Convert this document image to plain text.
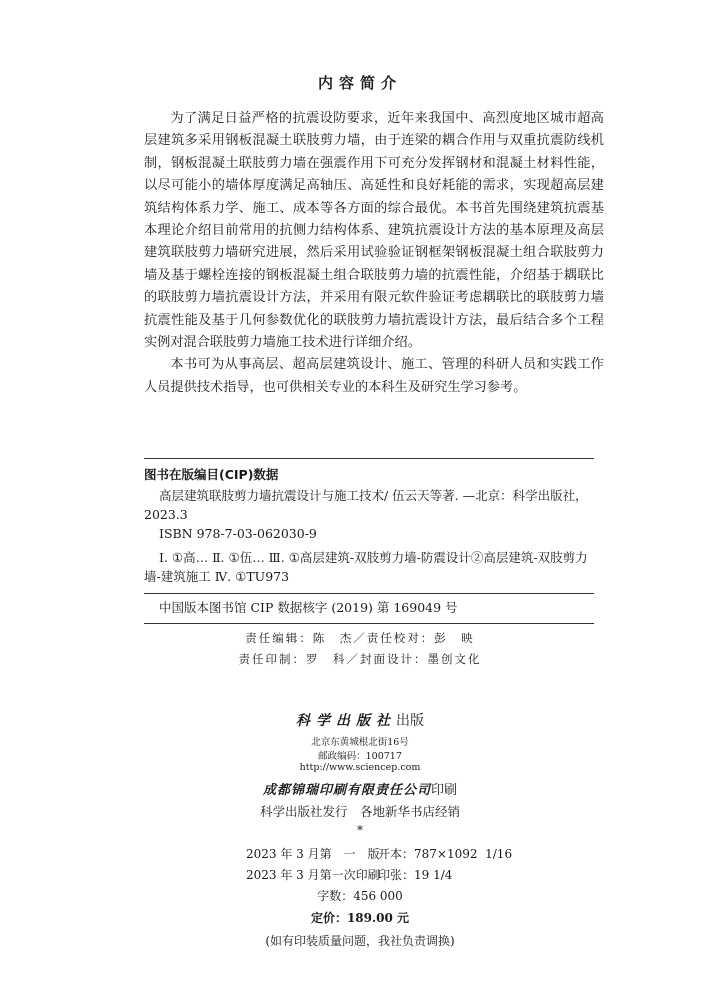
内容简介

为了满足日益严格的抗震设防要求，近年来我国中、高烈度地区城市超高层建筑多采用钢板混凝土联肢剪力墙，由于连梁的耦合作用与双重抗震防线机制，钢板混凝土联肢剪力墙在强震作用下可充分发挥钢材和混凝土材料性能，以尽可能小的墙体厚度满足高轴压、高延性和良好耗能的需求，实现超高层建筑结构体系力学、施工、成本等各方面的综合最优。本书首先围绕建筑抗震基本理论介绍目前常用的抗侧力结构体系、建筑抗震设计方法的基本原理及高层建筑联肢剪力墙研究进展，然后采用试验验证钢框架钢板混凝土组合联肢剪力墙及基于螺栓连接的钢板混凝土组合联肢剪力墙的抗震性能，介绍基于耦联比的联肢剪力墙抗震设计方法，并采用有限元软件验证考虑耦联比的联肢剪力墙抗震性能及基于几何参数优化的联肢剪力墙抗震设计方法，最后结合多个工程实例对混合联肢剪力墙施工技术进行详细介绍。

本书可为从事高层、超高层建筑设计、施工、管理的科研人员和实践工作人员提供技术指导，也可供相关专业的本科生及研究生学习参考。

图书在版编目(CIP)数据

高层建筑联肢剪力墙抗震设计与施工技术/ 伍云天等著. —北京：科学出版社，2023.3

ISBN 978-7-03-062030-9

Ⅰ. ①高… Ⅱ. ①伍… Ⅲ. ①高层建筑-双肢剪力墙-防震设计②高层建筑-双肢剪力墙-建筑施工 Ⅳ. ①TU973

中国版本图书馆 CIP 数据核字 (2019) 第 169049 号
责任编辑：陈　杰／责任校对：彭　映
责任印制：罗　科／封面设计：墨创文化
科学出版社出版
北京东黄城根北街16号
邮政编码：100717
http://www.sciencep.com
成都锦瑞印刷有限责任公司印刷
科学出版社发行　各地新华书店经销
*
2023 年 3 月第　一　版
开本：787×1092  1/16
2023 年 3 月第一次印刷
印张：19 1/4
字数：456 000
定价：189.00 元
(如有印装质量问题，我社负责调换)
